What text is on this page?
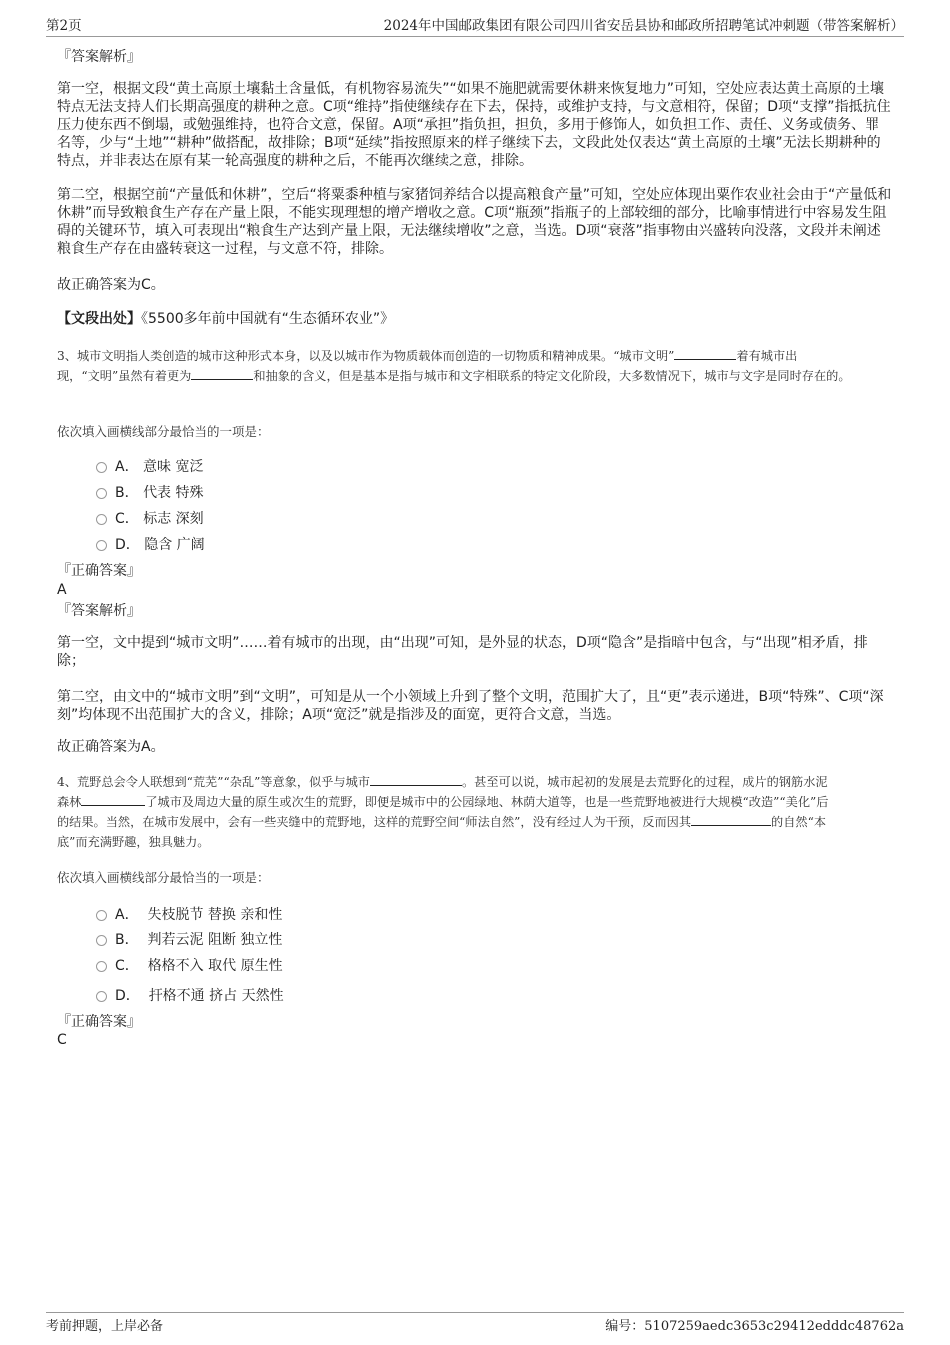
第2页	2024年中国邮政集团有限公司四川省安岳县协和邮政所招聘笔试冲刺题（带答案解析）
『答案解析』
第一空，根据文段“黄土高原土壤黏土含量低，有机物容易流失”“如果不施肥就需要休耕来恢复地力”可知，空处应表达黄土高原的土壤特点无法支持人们长期高强度的耕种之意。C项“维持”指使继续存在下去，保持，或维护支持，与文意相符，保留；D项“支撑”指抵抗住压力使东西不倒塌，或勉强维持，也符合文意，保留。A项“承担”指负担，担负，多用于修饰人，如负担工作、责任、义务或债务、罪名等，少与“土地”“耕种”做搭配，故排除；B项“延续”指按照原来的样子继续下去，文段此处仅表达“黄土高原的土壤”无法长期耕种的特点，并非表达在原有某一轮高强度的耕种之后，不能再次继续之意，排除。
第二空，根据空前“产量低和休耕”，空后“将粟黍种植与家猪饲养结合以提高粮食产量”可知，空处应体现出粟作农业社会由于“产量低和休耕”而导致粮食生产存在产量上限，不能实现理想的增产增收之意。C项“瓶颈”指瓶子的上部较细的部分，比喻事情进行中容易发生阻碍的关键环节，填入可表现出“粮食生产达到产量上限，无法继续增收”之意，当选。D项“衰落”指事物由兴盛转向没落，文段并未阐述粮食生产存在由盛转衰这一过程，与文意不符，排除。
故正确答案为C。
【文段出处】《5500多年前中国就有“生态循环农业”》
3、城市文明指人类创造的城市这种形式本身，以及以城市作为物质载体而创造的一切物质和精神成果。“城市文明”	着有城市出
现，“文明”虽然有着更为	和抽象的含义，但是基本是指与城市和文字相联系的特定文化阶段，大多数情况下，城市与文字是同时存在的。
依次填入画横线部分最恰当的一项是：
A．
意味 宽泛
B．
代表 特殊
C．
标志 深刻
D．
隐含 广阔
『正确答案』
A
『答案解析』
第一空，文中提到“城市文明”……着有城市的出现，由“出现”可知，是外显的状态，D项“隐含”是指暗中包含，与“出现”相矛盾，排除；
第二空，由文中的“城市文明”到“文明”，可知是从一个小领域上升到了整个文明，范围扩大了，且“更”表示递进，B项“特殊”、C项“深刻”均体现不出范围扩大的含义，排除；A项“宽泛”就是指涉及的面宽，更符合文意，当选。
故正确答案为A。
4、荒野总会令人联想到“荒芜”“杂乱”等意象，似乎与城市	。甚至可以说，城市起初的发展是去荒野化的过程，成片的钢筋水泥
森林	了城市及周边大量的原生或次生的荒野，即便是城市中的公园绿地、林荫大道等，也是一些荒野地被进行大规模“改造”“美化”后
的结果。当然，在城市发展中，会有一些夹缝中的荒野地，这样的荒野空间“师法自然”，没有经过人为干预，反而因其	的自然“本
底”而充满野趣，独具魅力。
依次填入画横线部分最恰当的一项是：
A．
失枝脱节 替换 亲和性
B．
判若云泥 阻断 独立性
C．
格格不入 取代 原生性
D．
扞格不通 挤占 天然性
『正确答案』
C
考前押题，上岸必备	编号：5107259aedc3653c29412edddc48762a
